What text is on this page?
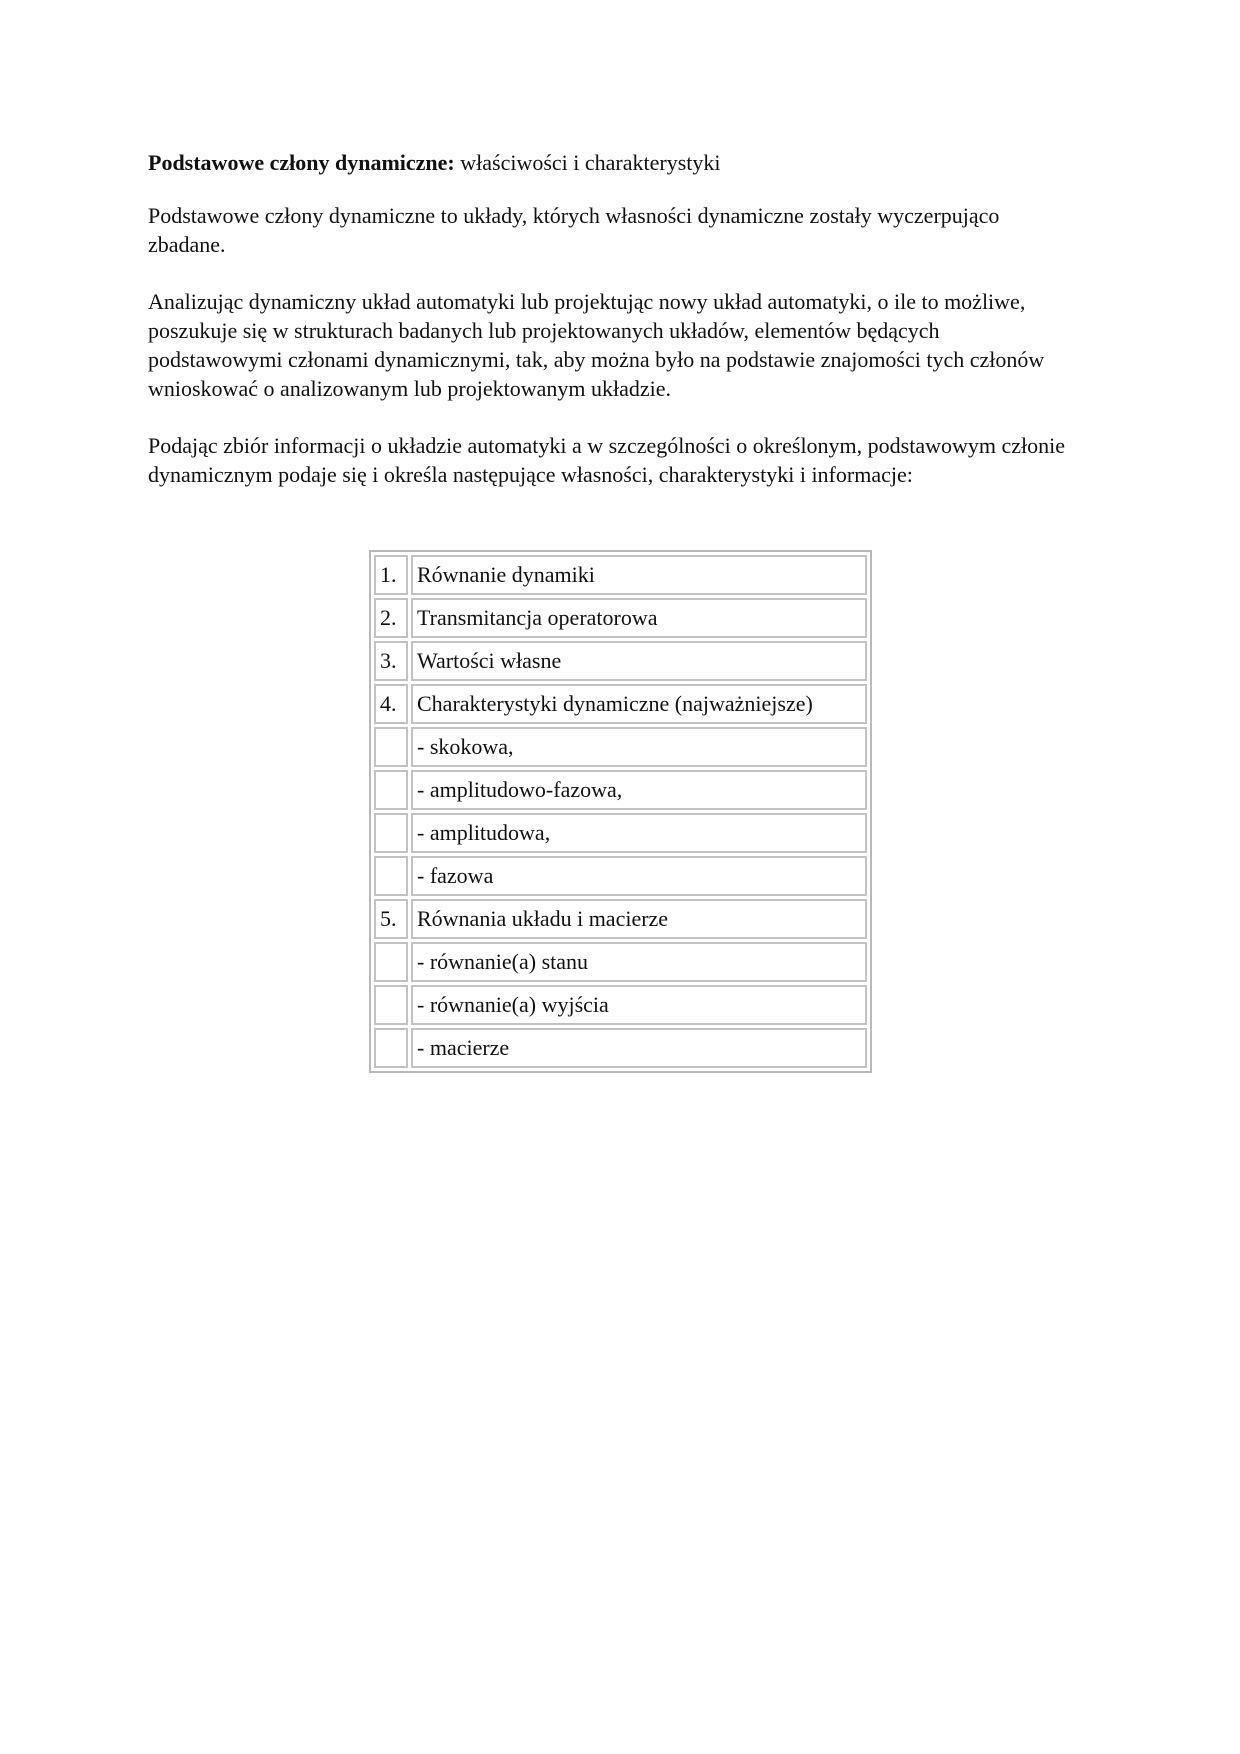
Podstawowe człony dynamiczne: właściwości i charakterystyki

Podstawowe człony dynamiczne to układy, których własności dynamiczne zostały wyczerpująco zbadane.

Analizując dynamiczny układ automatyki lub projektując nowy układ automatyki, o ile to możliwe, poszukuje się w strukturach badanych lub projektowanych układów, elementów będących podstawowymi członami dynamicznymi, tak, aby można było na podstawie znajomości tych członów wnioskować o analizowanym lub projektowanym układzie.

Podając zbiór informacji o układzie automatyki a w szczególności o określonym, podstawowym członie dynamicznym podaje się i określa następujące własności, charakterystyki i informacje:

1.	Równanie dynamiki
2.	Transmitancja operatorowa
3.	Wartości własne
4.	Charakterystyki dynamiczne (najważniejsze)
	- skokowa,
	- amplitudowo-fazowa,
	- amplitudowa,
	- fazowa
5.	Równania układu i macierze
	- równanie(a) stanu
	- równanie(a) wyjścia
	- macierze
